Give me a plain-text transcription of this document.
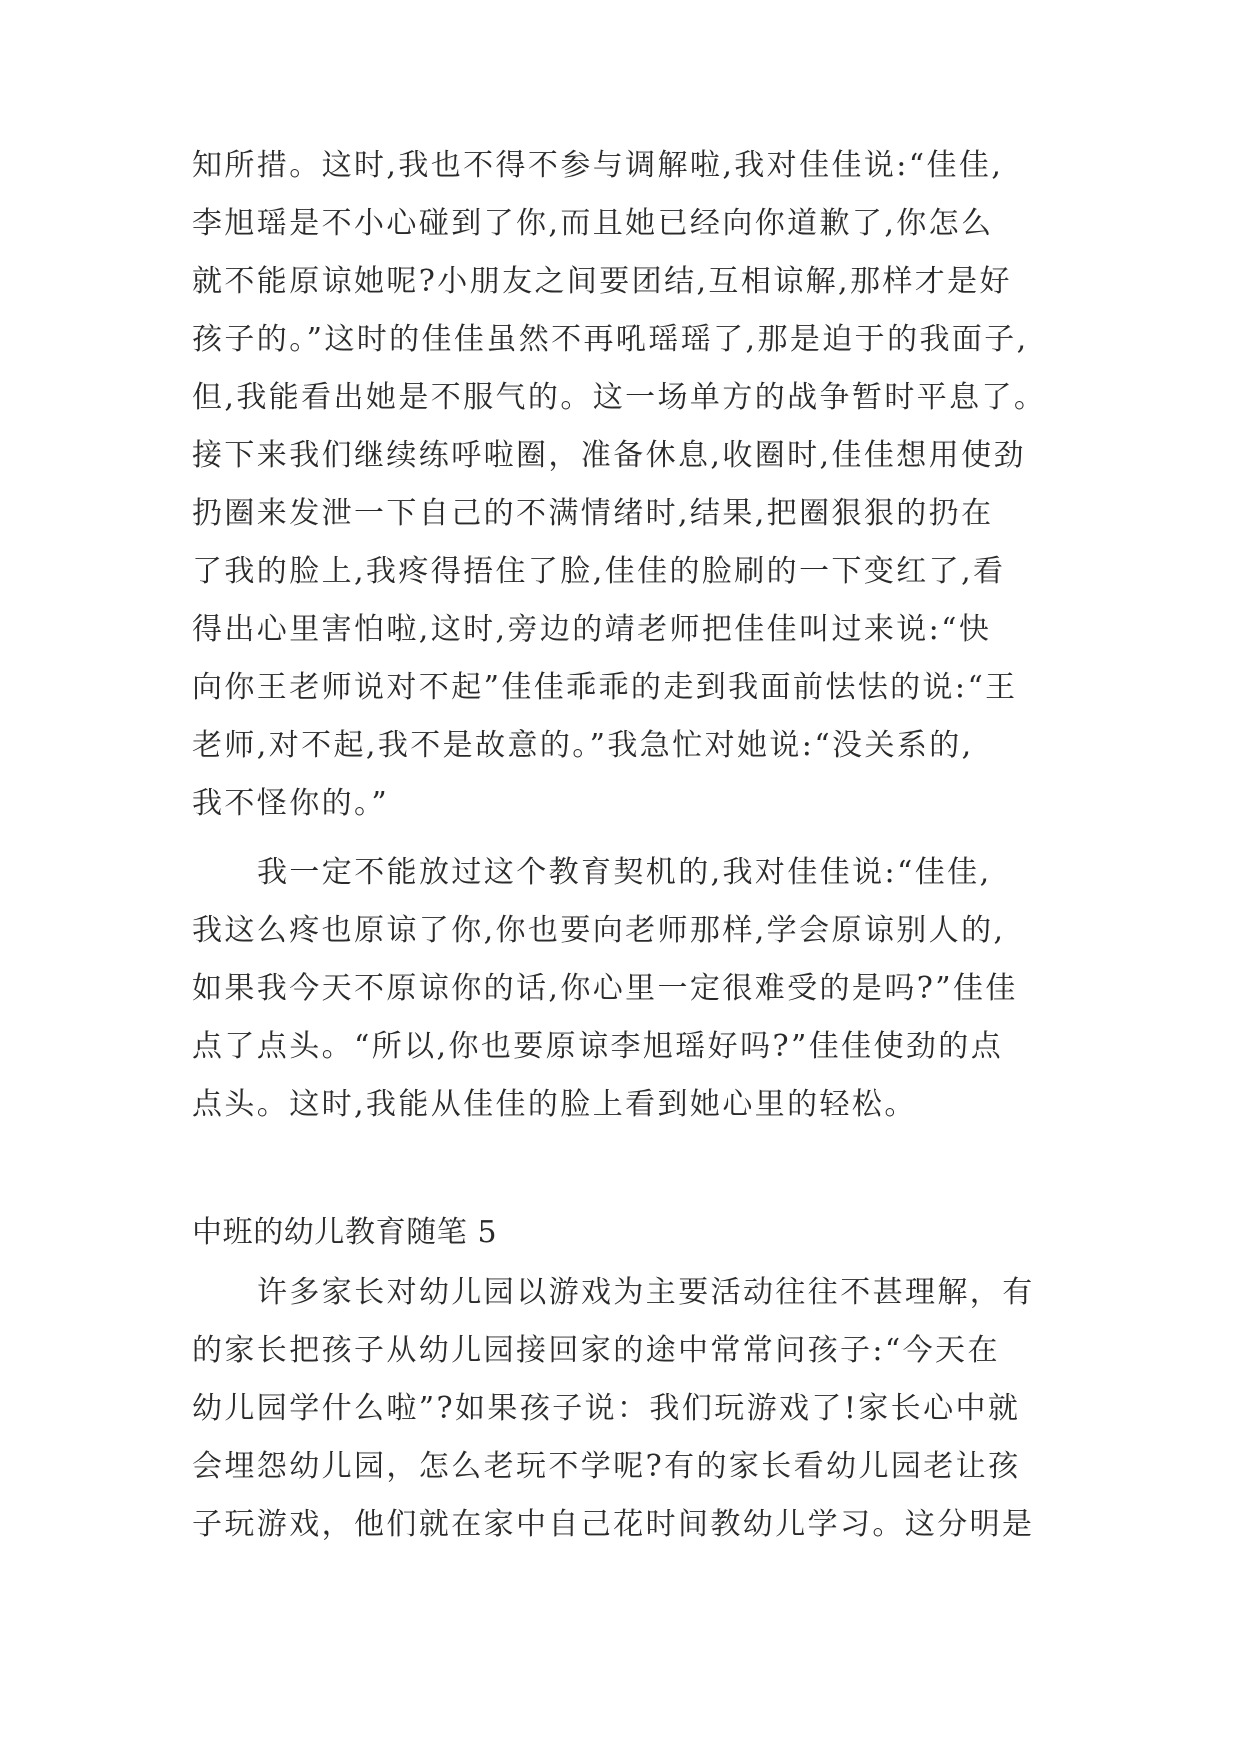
知所措。这时,我也不得不参与调解啦,我对佳佳说:“佳佳,
李旭瑶是不小心碰到了你,而且她已经向你道歉了,你怎么
就不能原谅她呢?小朋友之间要团结,互相谅解,那样才是好
孩子的。”这时的佳佳虽然不再吼瑶瑶了,那是迫于的我面子,
但,我能看出她是不服气的。这一场单方的战争暂时平息了。
接下来我们继续练呼啦圈，准备休息,收圈时,佳佳想用使劲
扔圈来发泄一下自己的不满情绪时,结果,把圈狠狠的扔在
了我的脸上,我疼得捂住了脸,佳佳的脸刷的一下变红了,看
得出心里害怕啦,这时,旁边的靖老师把佳佳叫过来说:“快
向你王老师说对不起”佳佳乖乖的走到我面前怯怯的说:“王
老师,对不起,我不是故意的。”我急忙对她说:“没关系的,
我不怪你的。”
我一定不能放过这个教育契机的,我对佳佳说:“佳佳,
我这么疼也原谅了你,你也要向老师那样,学会原谅别人的,
如果我今天不原谅你的话,你心里一定很难受的是吗?”佳佳
点了点头。“所以,你也要原谅李旭瑶好吗?”佳佳使劲的点
点头。这时,我能从佳佳的脸上看到她心里的轻松。
中班的幼儿教育随笔 5
许多家长对幼儿园以游戏为主要活动往往不甚理解，有
的家长把孩子从幼儿园接回家的途中常常问孩子:“今天在
幼儿园学什么啦”?如果孩子说：我们玩游戏了!家长心中就
会埋怨幼儿园，怎么老玩不学呢?有的家长看幼儿园老让孩
子玩游戏，他们就在家中自己花时间教幼儿学习。这分明是
